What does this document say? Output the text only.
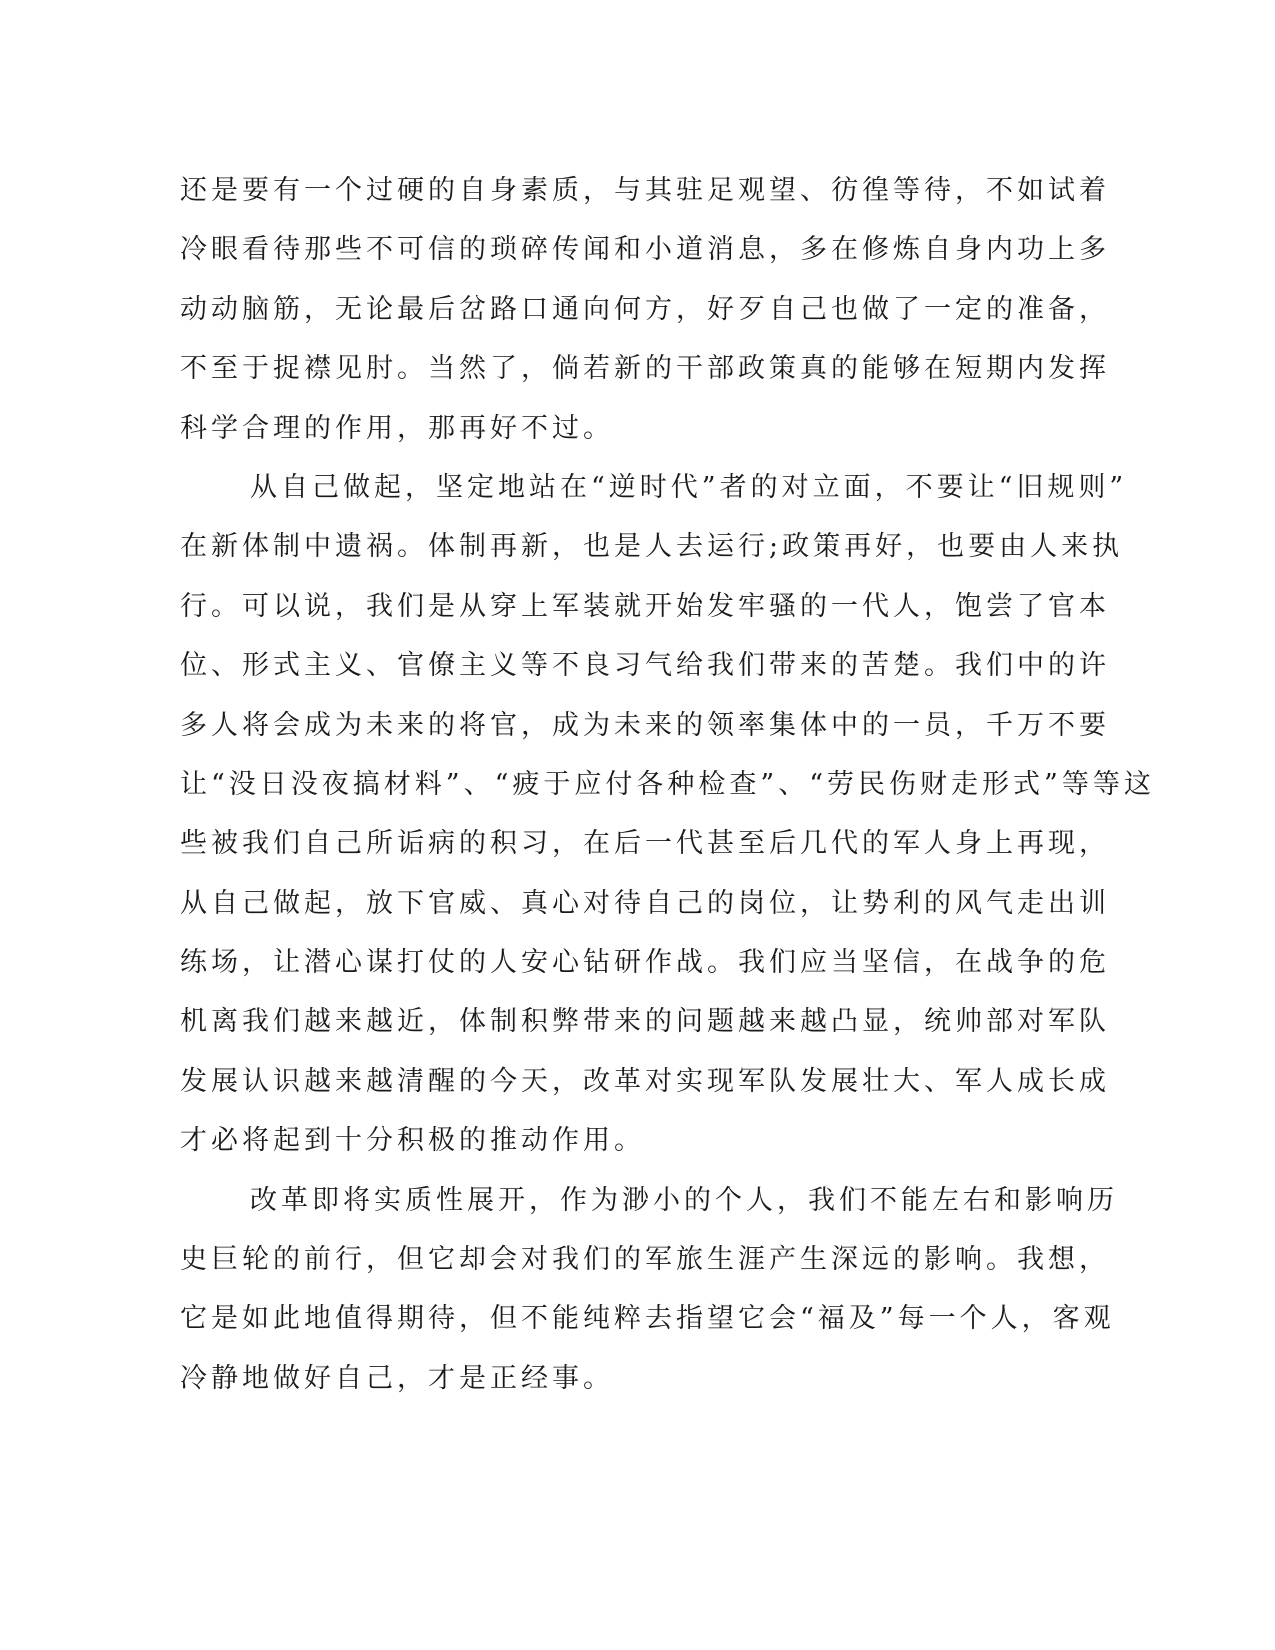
还是要有一个过硬的自身素质，与其驻足观望、彷徨等待，不如试着
冷眼看待那些不可信的琐碎传闻和小道消息，多在修炼自身内功上多
动动脑筋，无论最后岔路口通向何方，好歹自己也做了一定的准备，
不至于捉襟见肘。当然了，倘若新的干部政策真的能够在短期内发挥
科学合理的作用，那再好不过。
从自己做起，坚定地站在“逆时代”者的对立面，不要让“旧规则”
在新体制中遗祸。体制再新，也是人去运行;政策再好，也要由人来执
行。可以说，我们是从穿上军装就开始发牢骚的一代人，饱尝了官本
位、形式主义、官僚主义等不良习气给我们带来的苦楚。我们中的许
多人将会成为未来的将官，成为未来的领率集体中的一员，千万不要
让“没日没夜搞材料”、“疲于应付各种检查”、“劳民伤财走形式”等等这
些被我们自己所诟病的积习，在后一代甚至后几代的军人身上再现，
从自己做起，放下官威、真心对待自己的岗位，让势利的风气走出训
练场，让潜心谋打仗的人安心钻研作战。我们应当坚信，在战争的危
机离我们越来越近，体制积弊带来的问题越来越凸显，统帅部对军队
发展认识越来越清醒的今天，改革对实现军队发展壮大、军人成长成
才必将起到十分积极的推动作用。
改革即将实质性展开，作为渺小的个人，我们不能左右和影响历
史巨轮的前行，但它却会对我们的军旅生涯产生深远的影响。我想，
它是如此地值得期待，但不能纯粹去指望它会“福及”每一个人，客观
冷静地做好自己，才是正经事。
